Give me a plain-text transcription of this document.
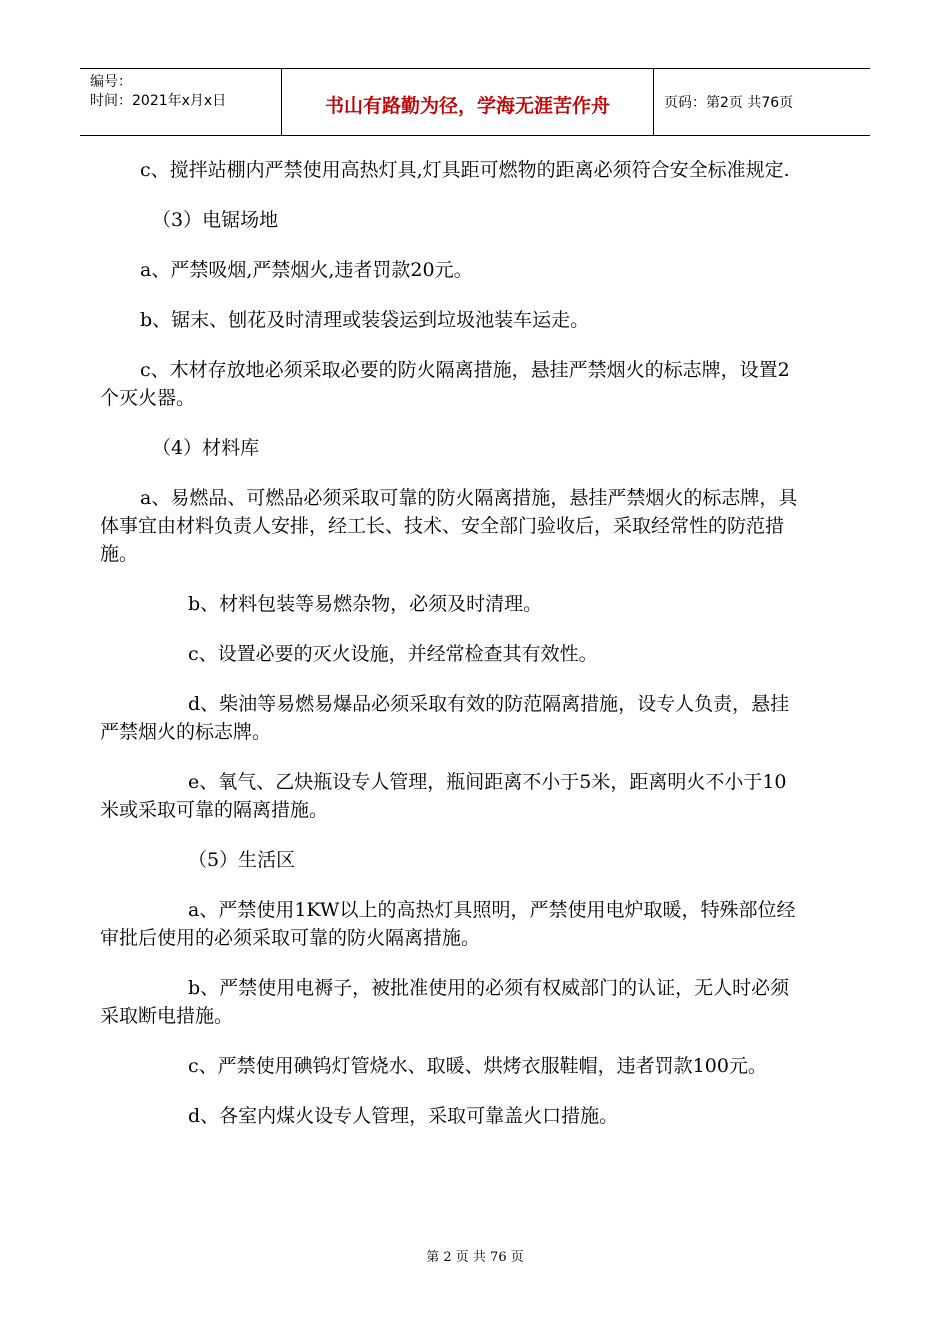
编号：
时间：2021年x月x日	书山有路勤为径，学海无涯苦作舟	页码：第2页 共76页

c、搅拌站棚内严禁使用高热灯具,灯具距可燃物的距离必须符合安全标准规定.

（3）电锯场地

a、严禁吸烟,严禁烟火,违者罚款20元。

b、锯末、刨花及时清理或装袋运到垃圾池装车运走。

c、木材存放地必须采取必要的防火隔离措施，悬挂严禁烟火的标志牌，设置2个灭火器。

（4）材料库

a、易燃品、可燃品必须采取可靠的防火隔离措施，悬挂严禁烟火的标志牌，具体事宜由材料负责人安排，经工长、技术、安全部门验收后，采取经常性的防范措施。

b、材料包装等易燃杂物，必须及时清理。

c、设置必要的灭火设施，并经常检查其有效性。

d、柴油等易燃易爆品必须采取有效的防范隔离措施，设专人负责，悬挂严禁烟火的标志牌。

e、氧气、乙炔瓶设专人管理，瓶间距离不小于5米，距离明火不小于10米或采取可靠的隔离措施。

（5）生活区

a、严禁使用1KW以上的高热灯具照明，严禁使用电炉取暖，特殊部位经审批后使用的必须采取可靠的防火隔离措施。

b、严禁使用电褥子，被批准使用的必须有权威部门的认证，无人时必须采取断电措施。

c、严禁使用碘钨灯管烧水、取暖、烘烤衣服鞋帽，违者罚款100元。

d、各室内煤火设专人管理，采取可靠盖火口措施。

第 2 页 共 76 页
